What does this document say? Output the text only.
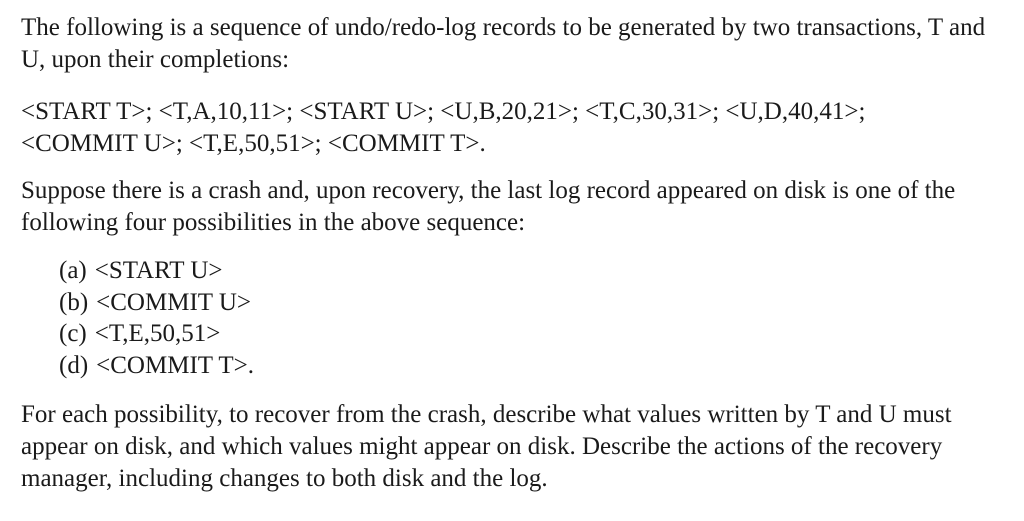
The following is a sequence of undo/redo-log records to be generated by two transactions, T and
U, upon their completions:

<START T>; <T,A,10,11>; <START U>; <U,B,20,21>; <T,C,30,31>; <U,D,40,41>;
<COMMIT U>; <T,E,50,51>; <COMMIT T>.

Suppose there is a crash and, upon recovery, the last log record appeared on disk is one of the
following four possibilities in the above sequence:

(a) <START U>
(b) <COMMIT U>
(c) <T,E,50,51>
(d) <COMMIT T>.

For each possibility, to recover from the crash, describe what values written by T and U must
appear on disk, and which values might appear on disk. Describe the actions of the recovery
manager, including changes to both disk and the log.
